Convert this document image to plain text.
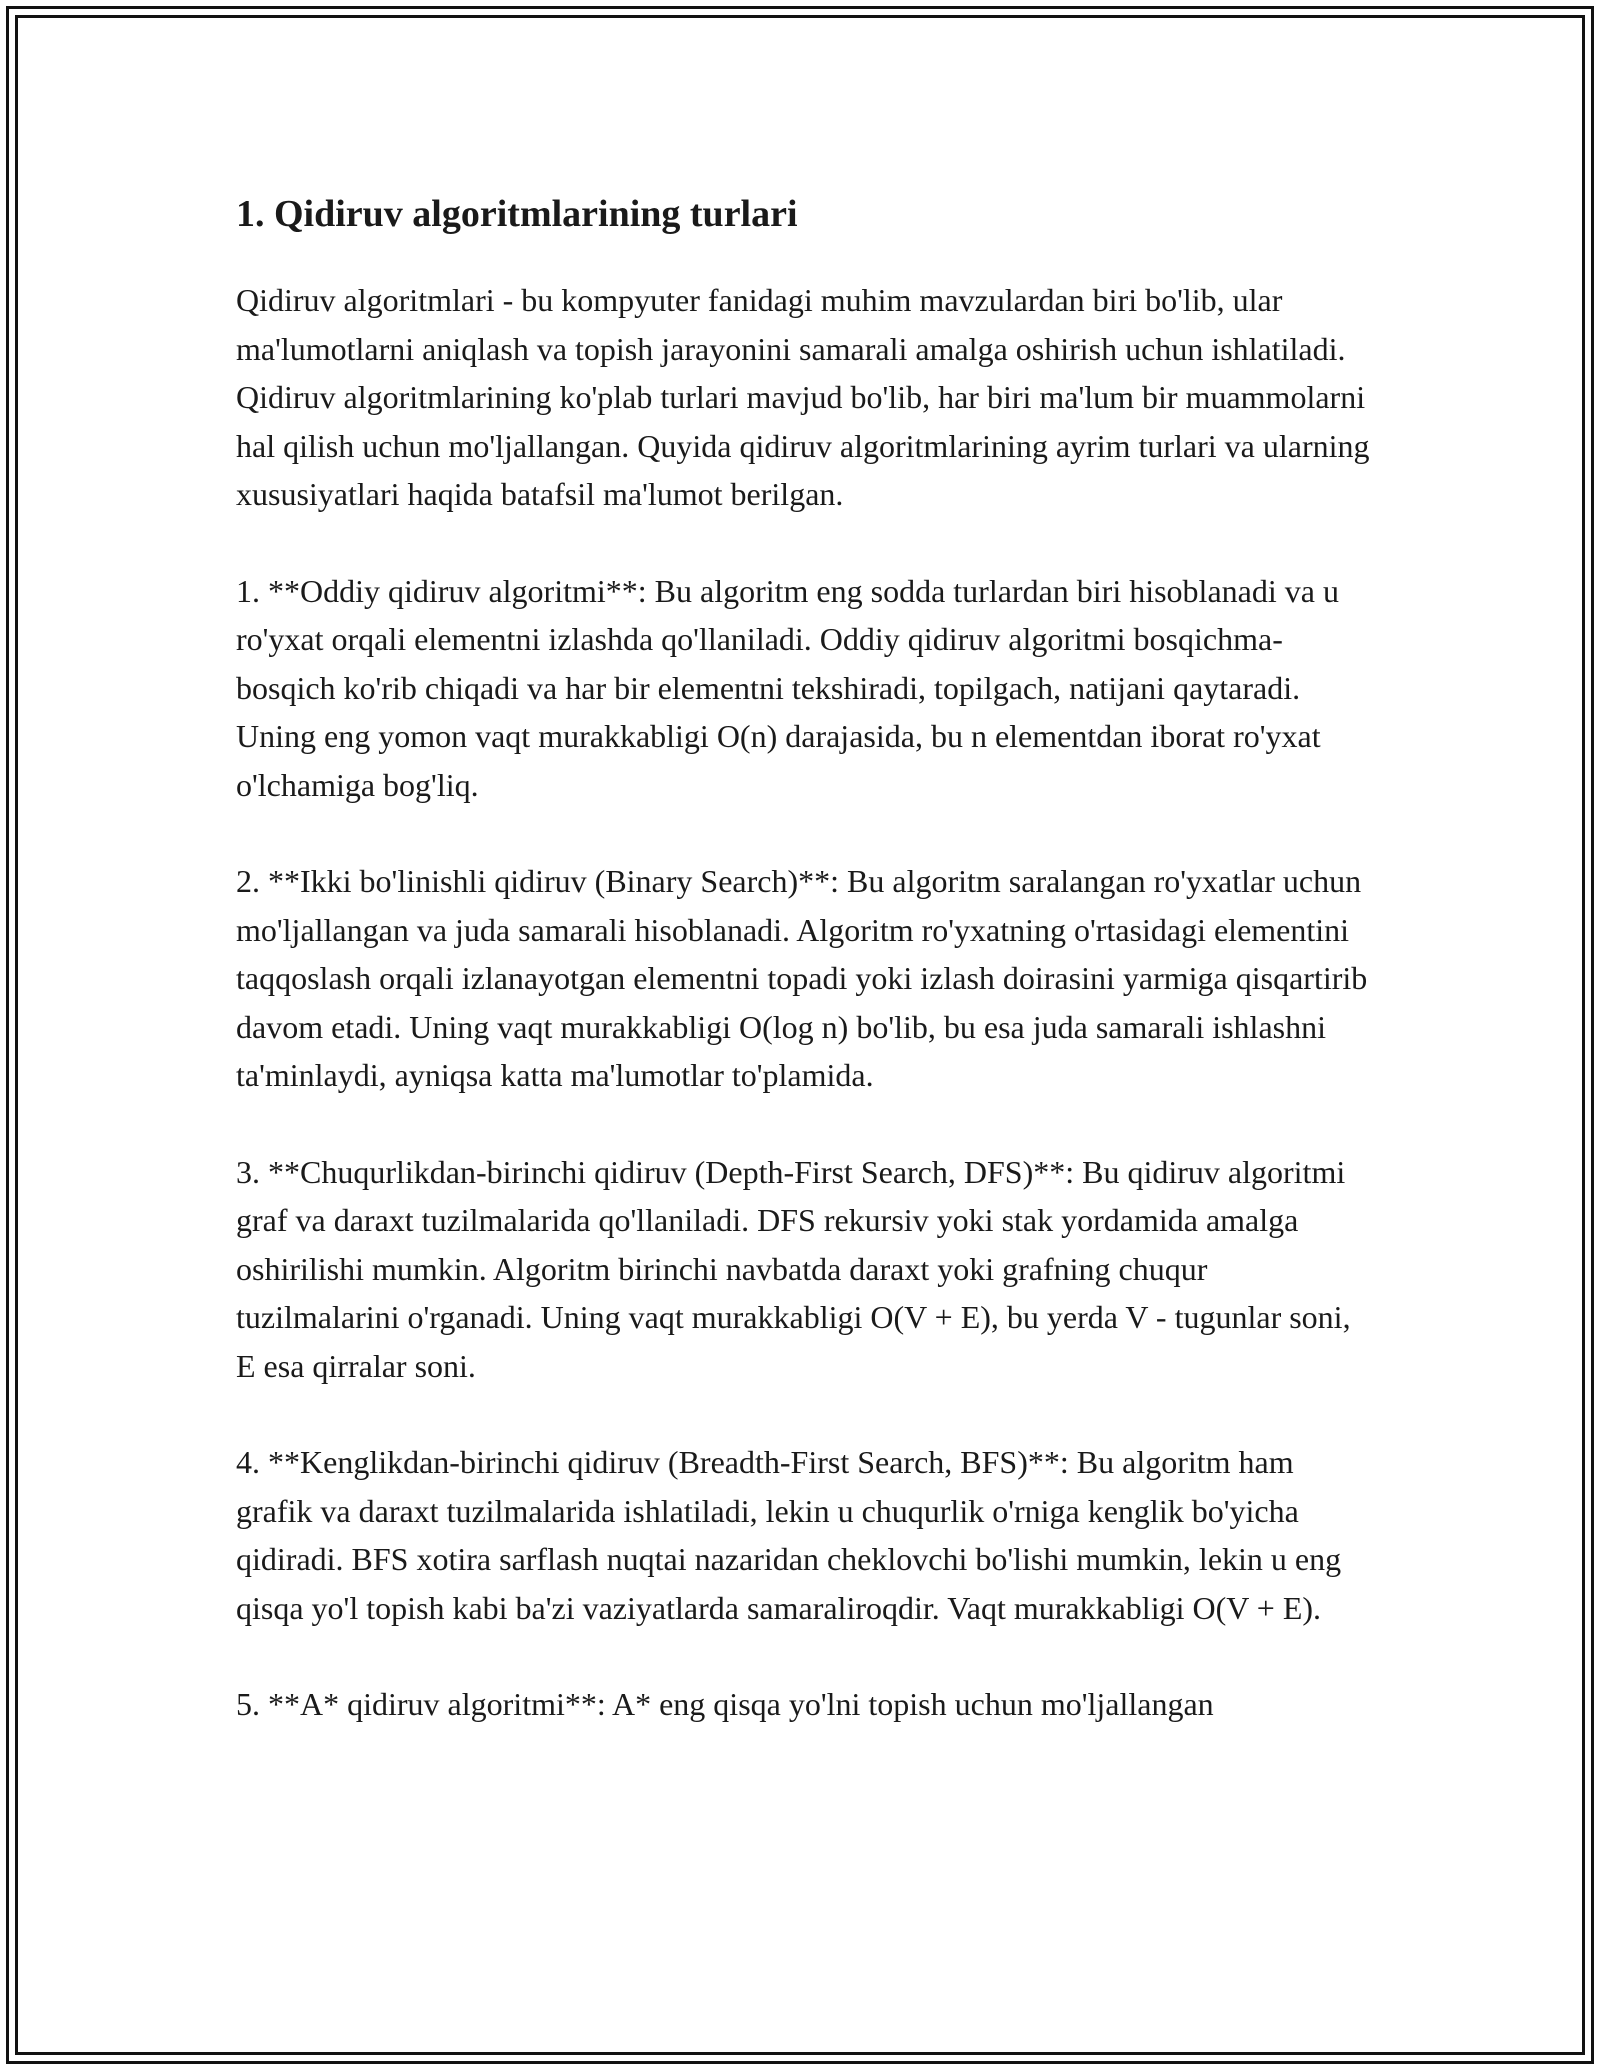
1. Qidiruv algoritmlarining turlari

Qidiruv algoritmlari - bu kompyuter fanidagi muhim mavzulardan biri bo'lib, ular ma'lumotlarni aniqlash va topish jarayonini samarali amalga oshirish uchun ishlatiladi. Qidiruv algoritmlarining ko'plab turlari mavjud bo'lib, har biri ma'lum bir muammolarni hal qilish uchun mo'ljallangan. Quyida qidiruv algoritmlarining ayrim turlari va ularning xususiyatlari haqida batafsil ma'lumot berilgan.

1. **Oddiy qidiruv algoritmi**: Bu algoritm eng sodda turlardan biri hisoblanadi va u ro'yxat orqali elementni izlashda qo'llaniladi. Oddiy qidiruv algoritmi bosqichma-bosqich ko'rib chiqadi va har bir elementni tekshiradi, topilgach, natijani qaytaradi. Uning eng yomon vaqt murakkabligi O(n) darajasida, bu n elementdan iborat ro'yxat o'lchamiga bog'liq.

2. **Ikki bo'linishli qidiruv (Binary Search)**: Bu algoritm saralangan ro'yxatlar uchun mo'ljallangan va juda samarali hisoblanadi. Algoritm ro'yxatning o'rtasidagi elementini taqqoslash orqali izlanayotgan elementni topadi yoki izlash doirasini yarmiga qisqartirib davom etadi. Uning vaqt murakkabligi O(log n) bo'lib, bu esa juda samarali ishlashni ta'minlaydi, ayniqsa katta ma'lumotlar to'plamida.

3. **Chuqurlikdan-birinchi qidiruv (Depth-First Search, DFS)**: Bu qidiruv algoritmi graf va daraxt tuzilmalarida qo'llaniladi. DFS rekursiv yoki stak yordamida amalga oshirilishi mumkin. Algoritm birinchi navbatda daraxt yoki grafning chuqur tuzilmalarini o'rganadi. Uning vaqt murakkabligi O(V + E), bu yerda V - tugunlar soni, E esa qirralar soni.

4. **Kenglikdan-birinchi qidiruv (Breadth-First Search, BFS)**: Bu algoritm ham grafik va daraxt tuzilmalarida ishlatiladi, lekin u chuqurlik o'rniga kenglik bo'yicha qidiradi. BFS xotira sarflash nuqtai nazaridan cheklovchi bo'lishi mumkin, lekin u eng qisqa yo'l topish kabi ba'zi vaziyatlarda samaraliroqdir. Vaqt murakkabligi O(V + E).

5. **A* qidiruv algoritmi**: A* eng qisqa yo'lni topish uchun mo'ljallangan
